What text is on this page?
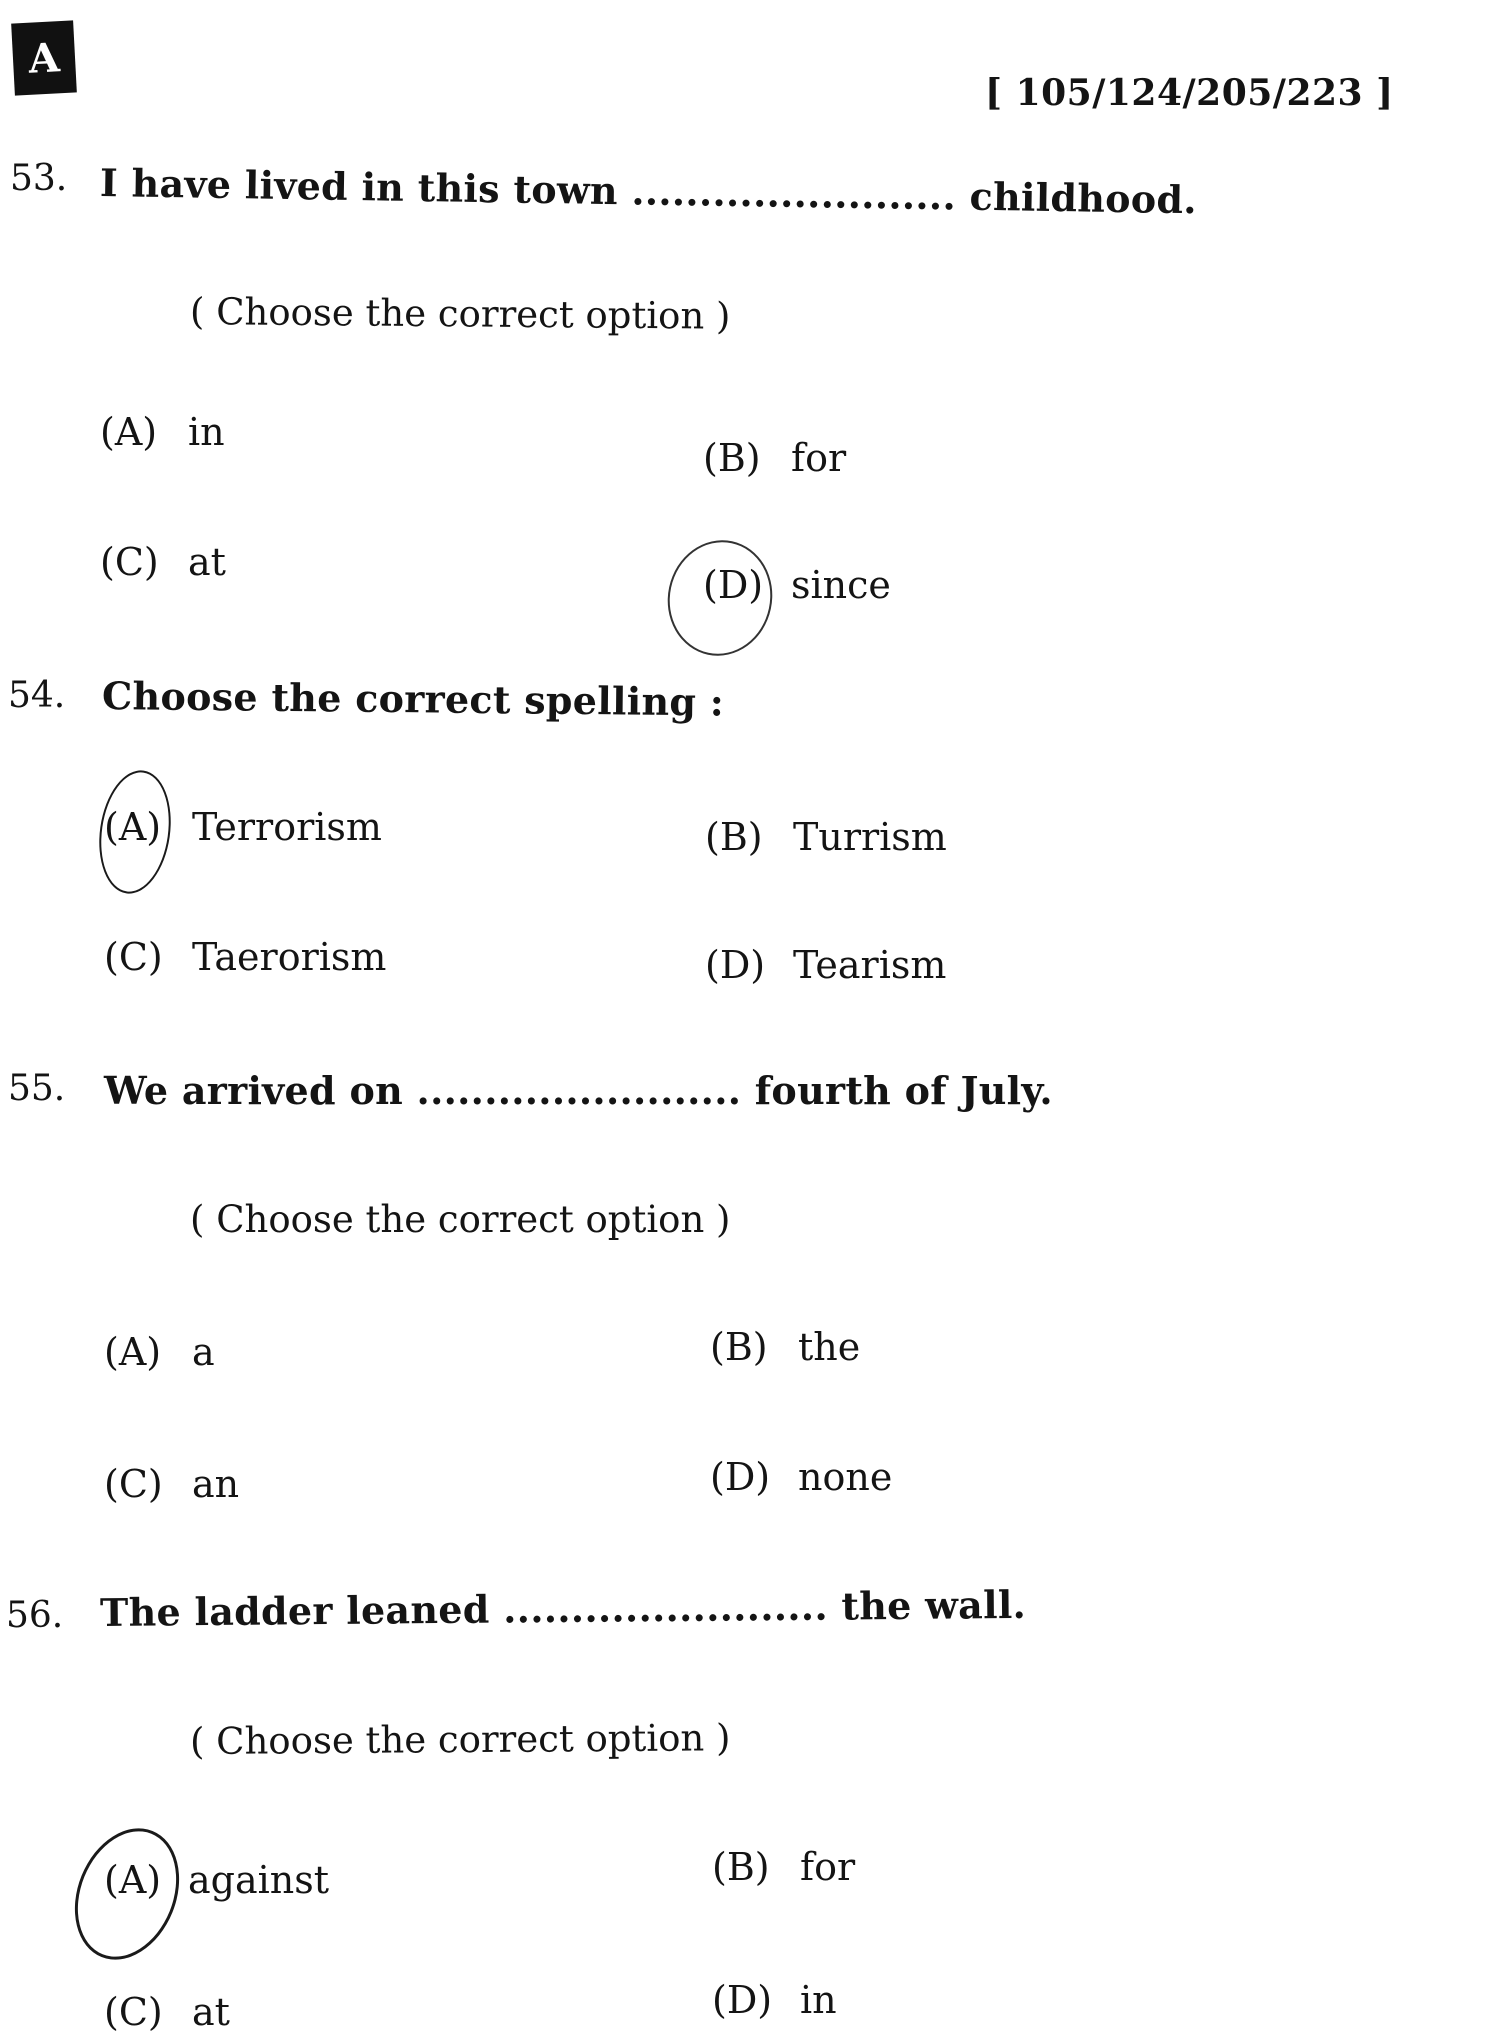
A
[ 105/124/205/223 ]
53. I have lived in this town ........................ childhood.
( Choose the correct option )
(A) in
(B) for
(C) at
(D) since
54. Choose the correct spelling :
(A) Terrorism	(B) Turrism
(C) Taerorism	(D) Tearism
55. We arrived on ........................ fourth of July.
( Choose the correct option )
(A) a	(B) the
(C) an	(D) none
56. The ladder leaned ........................ the wall.
( Choose the correct option )
(A) against	(B) for
(C) at	(D) in
